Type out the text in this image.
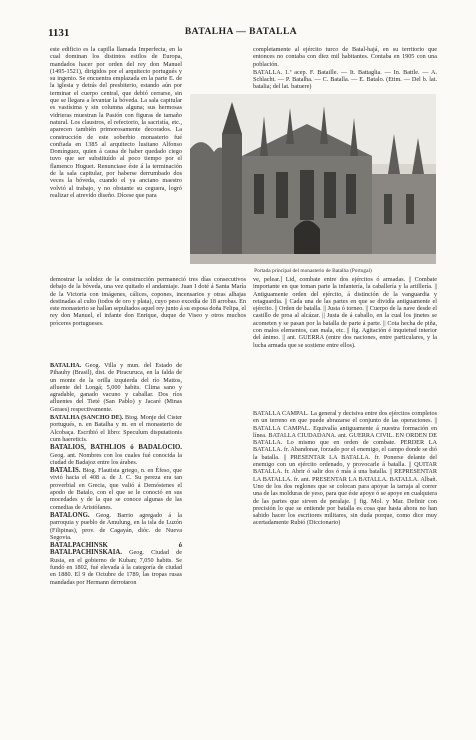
1131	BATALHA — BATALLA

este edificio es la capilla llamada Imperfecta, en la cual dominan los distintos estilos de Europa, mandados hacer por orden del rey don Manuel (1495-1521), dirigidos por el arquitecto portugués y su ingenio. Se encuentra emplazada en la parte E. de la iglesia y detrás del presbiterio, estando aún por terminar el cuerpo central, que debió cerrarse, sin que se llegara a levantar la bóveda. La sala capitular es vastísima y sin columna alguna; sus hermosas vidrieras muestran la Pasión con figuras de tamaño natural. Los claustros, el refectorio, la sacristía, etc., aparecen también primorosamente decorados. La construcción de este soberbio monasterio fué confiada en 1385 al arquitecto lusitano Alfonso Domínguez, quien á causa de haber quedado ciego tuvo que ser substituído al poco tiempo por el flamenco Huguet. Renunciase éste á la terminación de la sala capitular, por haberse derrumbado dos veces la bóveda, cuando el ya anciano maestro volvió al trabajo, y no obstante su ceguera, logró realizar el atrevido diseño. Dícese que para

completamente al ejército turco de Batal-hajá, en su territorio que entonces no contaba con diez mil habitantes. Contaba en 1905 con una población.

BATALLA. 1.ª acep. F. Bataille. — It. Battaglia. — In. Battle. — A. Schlacht. — P. Batalha. — C. Batalla. — E. Batalo. (Etim. — Del b. lat. batalia; del lat. batuere)

Portada principal del monasterio de Batalha (Portugal)

demostrar la solidez de la construcción permaneció tres días consecutivos debajo de la bóveda, una vez quitado el andamiaje. Juan I doté á Santa María de la Victoria con imágenes, cálices, copones, incensarios y otras alhajas destinadas al culto (todos de oro y plata), cuyo peso excedía de 18 arrobas. En este monasterio se hallan sepultados aquel rey junto á su esposa doña Felipa, el rey don Manuel, el infante don Enrique, duque de Viseo y otros muchos próceres portugueses.

BATALHA. Geog. Villa y mun. del Estado de Pihauhy (Brasil), dist. de Piracuruca, en la falda de un monte de la orilla izquierda del río Mattos, afluente del Longá; 5,000 habits. Clima sano y agradable, ganado vacuno y caballar. Dos ríos afluentes del Tieté (San Pablo) y Jacaré (Minas Geraes) respectivamente.

BATALHA (SANCHO DE). Biog. Monje del Cister portugués, n. en Batalha y m. en el monasterio de Alcobaça. Escribió el libro: Speculum disputationis cum haereticis.

BATALIOS, BATHLIOS ó BADALOCIO. Geog. ant. Nombres con los cuales fué conocida la ciudad de Badajoz entre los árabes.

BATALIS. Biog. Flautista griego, n. en Éfeso, que vivió hacia el 408 a. de J. C. Su pereza era tan proverbial en Grecia, que valió á Demóstenes el apodo de Batalo, con el que se le conoció en sus mocedades y de la que se conoce algunas de las comedias de Aristófanes.

BATALONG. Geog. Barrio agregado á la parroquia y pueblo de Amulung, en la isla de Luzón (Filipinas), prov. de Cagayán, dióc. de Nueva Segovia.

BATALPACHINSK ó BATALPACHINSKAIA. Geog. Ciudad de Rusia, en el gobierno de Kuban; 7,050 habits. Se fundó en 1802, fué elevada á la categoría de ciudad en 1880. El 9 de Octubre de 1789, las tropas rusas mandadas por Hermann derrotaron

ve, pelear.] Lid, combate entre dos ejércitos ó armadas. || Combate importante en que toman parte la infantería, la caballería y la artillería. || Antiguamente orden del ejército, á distinción de la vanguardia y retaguardia. || Cada una de las partes en que se dividía antiguamente el ejército. || Orden de batalla. || Justa ó torneo. || Cuerpo de la nave desde el castillo de proa al alcázar. || Justa de á caballo, en la cual los jinetes se acometen y se pasan por la batalla de parte á parte. || Cota hecha de piña, con malos elementos, can mala, etc. || fig. Agitación é inquietud interior del ánimo. || ant. GUERRA (entre dos naciones, entre particulares, y la lucha armada que se sostiene entre ellos).

BATALLA CAMPAL. La general y decisiva entre dos ejércitos completos en un terreno en que puede abrazarse el conjunto de las operaciones. || BATALLA CAMPAL. Equivalía antiguamente á nuestra formación en línea. BATALLA CIUDADANA. ant. GUERRA CIVIL. EN ORDEN DE BATALLA. Lo mismo que en orden de combate. PERDER LA BATALLA. fr. Abandonar, forzado por el enemigo, el campo donde se dió la batalla. || PRESENTAR LA BATALLA. fr. Ponerse delante del enemigo con un ejército ordenado, y provocarle á batalla. || QUITAR BATALLA. fr. Abrir ó salir dos ó más á una batalla. || REPRESENTAR LA BATALLA. fr. ant. PRESENTAR LA BATALLA. BATALLA. Albañ. Uno de los dos reglones que se colocan para apoyar la tarraja al correr una de las molduras de yeso, para que éste apoye ó se apoye en cualquiera de las partes que sirven de peralaje. || fig. Mol. y Mar. Definir con precisión lo que se entiende por batalla es cosa que hasta ahora no han sabido hacer los escritores militares, sin duda porque, como dice muy acertadamente Rubió (Diccionario)
